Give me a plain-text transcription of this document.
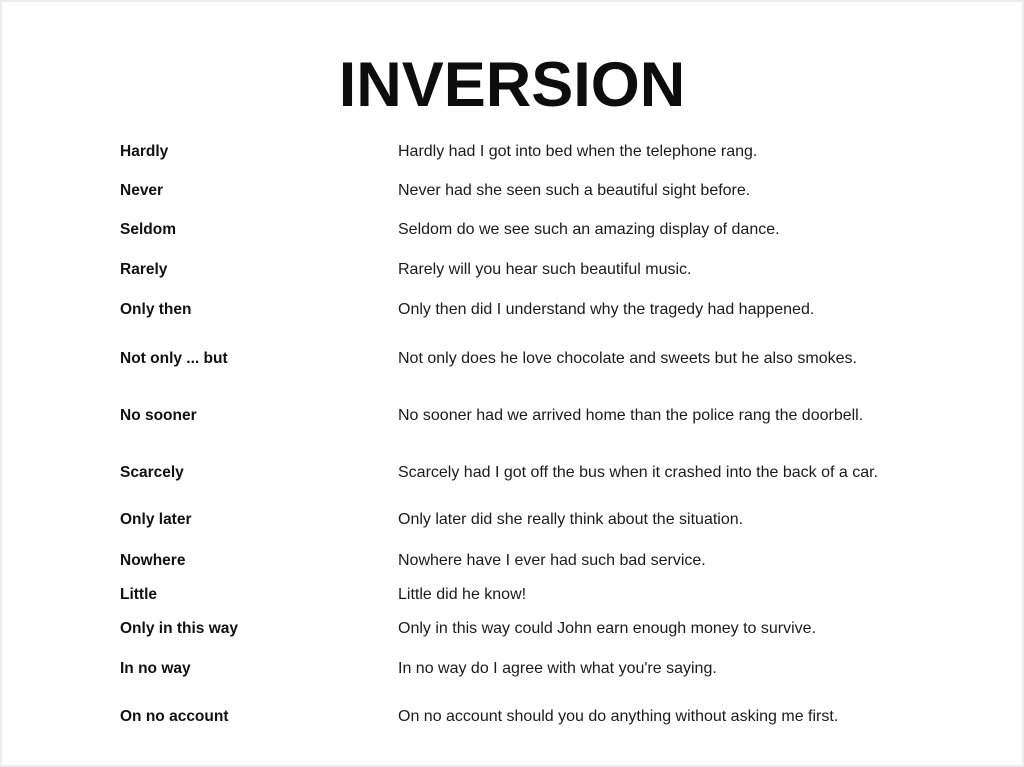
INVERSION
Hardly	Hardly had I got into bed when the telephone rang.
Never	Never had she seen such a beautiful sight before.
Seldom	Seldom do we see such an amazing display of dance.
Rarely	Rarely will you hear such beautiful music.
Only then	Only then did I understand why the tragedy had happened.
Not only ... but	Not only does he love chocolate and sweets but he also smokes.
No sooner	No sooner had we arrived home than the police rang the doorbell.
Scarcely	Scarcely had I got off the bus when it crashed into the back of a car.
Only later	Only later did she really think about the situation.
Nowhere	Nowhere have I ever had such bad service.
Little	Little did he know!
Only in this way	Only in this way could John earn enough money to survive.
In no way	In no way do I agree with what you're saying.
On no account	On no account should you do anything without asking me first.
